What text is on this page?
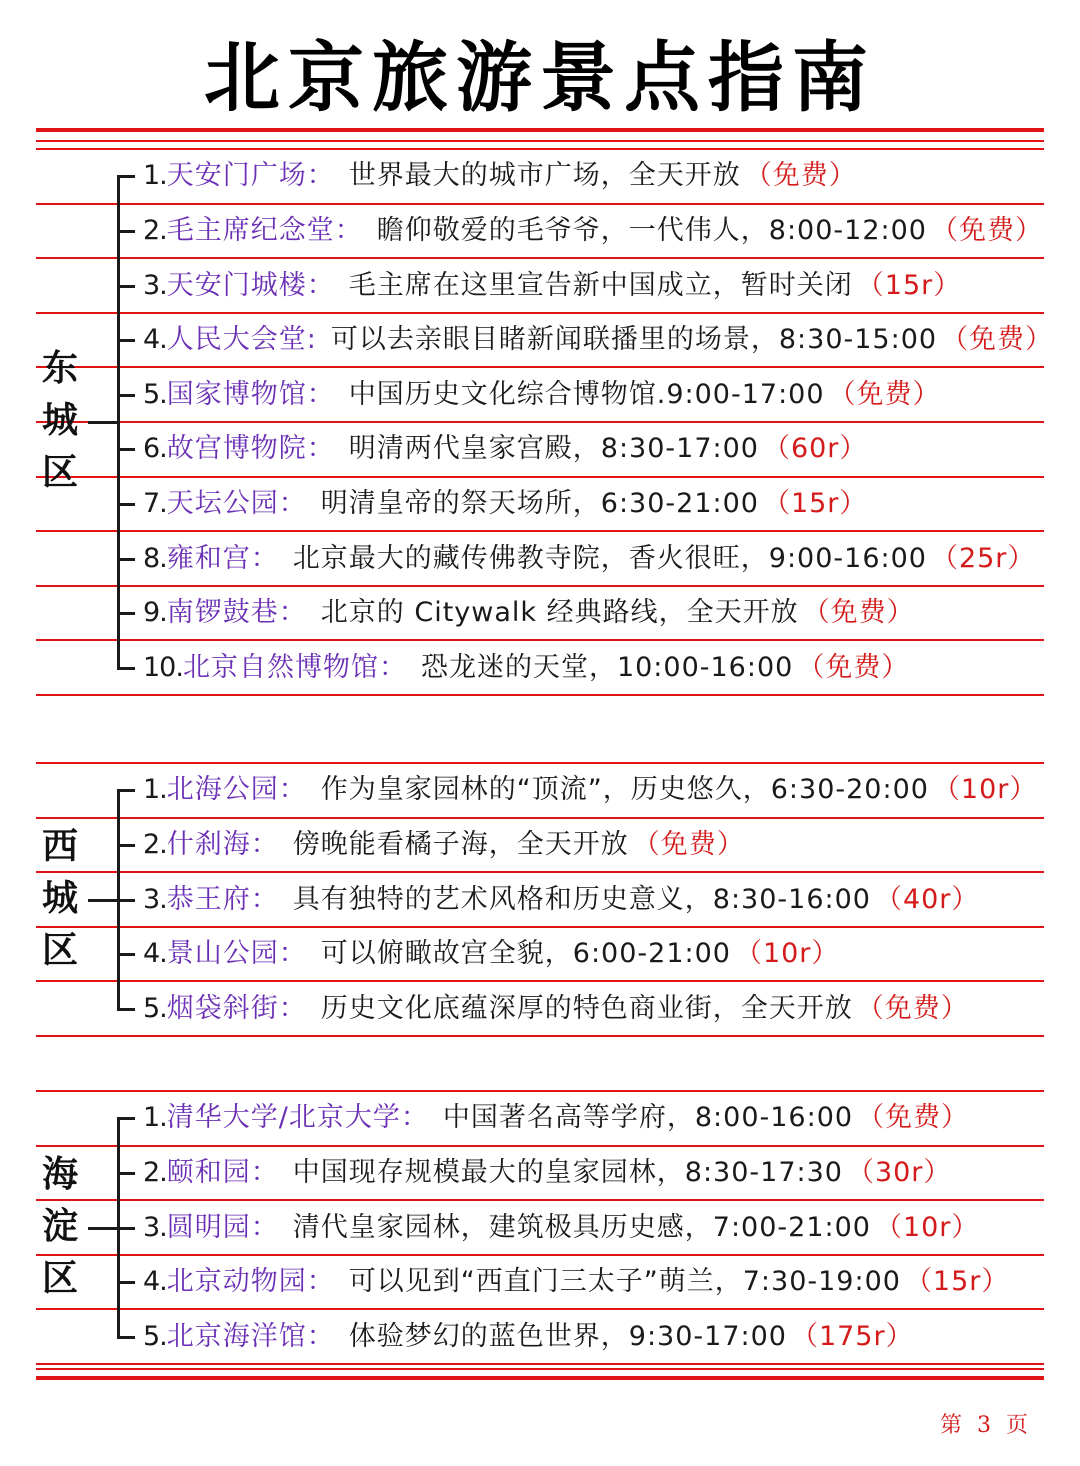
北京旅游景点指南
东
城
区
1.天安门广场： 世界最大的城市广场，全天开放 （免费）
2.毛主席纪念堂： 瞻仰敬爱的毛爷爷，一代伟人，8:00-12:00 （免费）
3.天安门城楼： 毛主席在这里宣告新中国成立，暂时关闭 （15r）
4.人民大会堂: 可以去亲眼目睹新闻联播里的场景，8:30-15:00 （免费）
5.国家博物馆： 中国历史文化综合博物馆.9:00-17:00 （免费）
6.故宫博物院： 明清两代皇家宫殿，8:30-17:00 （60r）
7.天坛公园： 明清皇帝的祭天场所，6:30-21:00 （15r）
8.雍和宫： 北京最大的藏传佛教寺院，香火很旺，9:00-16:00 （25r）
9.南锣鼓巷： 北京的 Citywalk 经典路线，全天开放 （免费）
10.北京自然博物馆： 恐龙迷的天堂，10:00-16:00 （免费）
西
城
区
1.北海公园： 作为皇家园林的“顶流”，历史悠久，6:30-20:00 （10r）
2.什刹海： 傍晚能看橘子海，全天开放 （免费）
3.恭王府： 具有独特的艺术风格和历史意义，8:30-16:00 （40r）
4.景山公园： 可以俯瞰故宫全貌，6:00-21:00 （10r）
5.烟袋斜街： 历史文化底蕴深厚的特色商业街，全天开放 （免费）
海
淀
区
1.清华大学/北京大学： 中国著名高等学府，8:00-16:00 （免费）
2.颐和园： 中国现存规模最大的皇家园林，8:30-17:30 （30r）
3.圆明园： 清代皇家园林，建筑极具历史感，7:00-21:00 （10r）
4.北京动物园： 可以见到“西直门三太子”萌兰，7:30-19:00 （15r）
5.北京海洋馆： 体验梦幻的蓝色世界，9:30-17:00 （175r）
第 3 页
